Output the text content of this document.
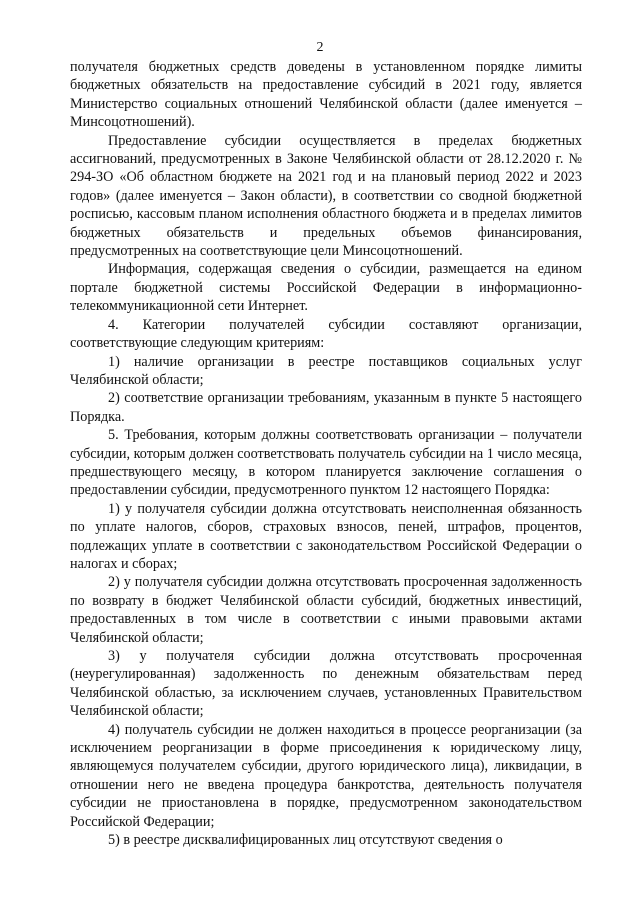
2

получателя бюджетных средств доведены в установленном порядке лимиты бюджетных обязательств на предоставление субсидий в 2021 году, является Министерство социальных отношений Челябинской области (далее именуется – Минсоцотношений).

Предоставление субсидии осуществляется в пределах бюджетных ассигнований, предусмотренных в Законе Челябинской области от 28.12.2020 г. № 294-ЗО «Об областном бюджете на 2021 год и на плановый период 2022 и 2023 годов» (далее именуется – Закон области), в соответствии со сводной бюджетной росписью, кассовым планом исполнения областного бюджета и в пределах лимитов бюджетных обязательств и предельных объемов финансирования, предусмотренных на соответствующие цели Минсоцотношений.

Информация, содержащая сведения о субсидии, размещается на едином портале бюджетной системы Российской Федерации в информационно-телекоммуникационной сети Интернет.

4. Категории получателей субсидии составляют организации, соответствующие следующим критериям:

1) наличие организации в реестре поставщиков социальных услуг Челябинской области;

2) соответствие организации требованиям, указанным в пункте 5 настоящего Порядка.

5. Требования, которым должны соответствовать организации – получатели субсидии, которым должен соответствовать получатель субсидии на 1 число месяца, предшествующего месяцу, в котором планируется заключение соглашения о предоставлении субсидии, предусмотренного пунктом 12 настоящего Порядка:

1) у получателя субсидии должна отсутствовать неисполненная обязанность по уплате налогов, сборов, страховых взносов, пеней, штрафов, процентов, подлежащих уплате в соответствии с законодательством Российской Федерации о налогах и сборах;

2) у получателя субсидии должна отсутствовать просроченная задолженность по возврату в бюджет Челябинской области субсидий, бюджетных инвестиций, предоставленных в том числе в соответствии с иными правовыми актами Челябинской области;

3) у получателя субсидии должна отсутствовать просроченная (неурегулированная) задолженность по денежным обязательствам перед Челябинской областью, за исключением случаев, установленных Правительством Челябинской области;

4) получатель субсидии не должен находиться в процессе реорганизации (за исключением реорганизации в форме присоединения к юридическому лицу, являющемуся получателем субсидии, другого юридического лица), ликвидации, в отношении него не введена процедура банкротства, деятельность получателя субсидии не приостановлена в порядке, предусмотренном законодательством Российской Федерации;

5) в реестре дисквалифицированных лиц отсутствуют сведения о
